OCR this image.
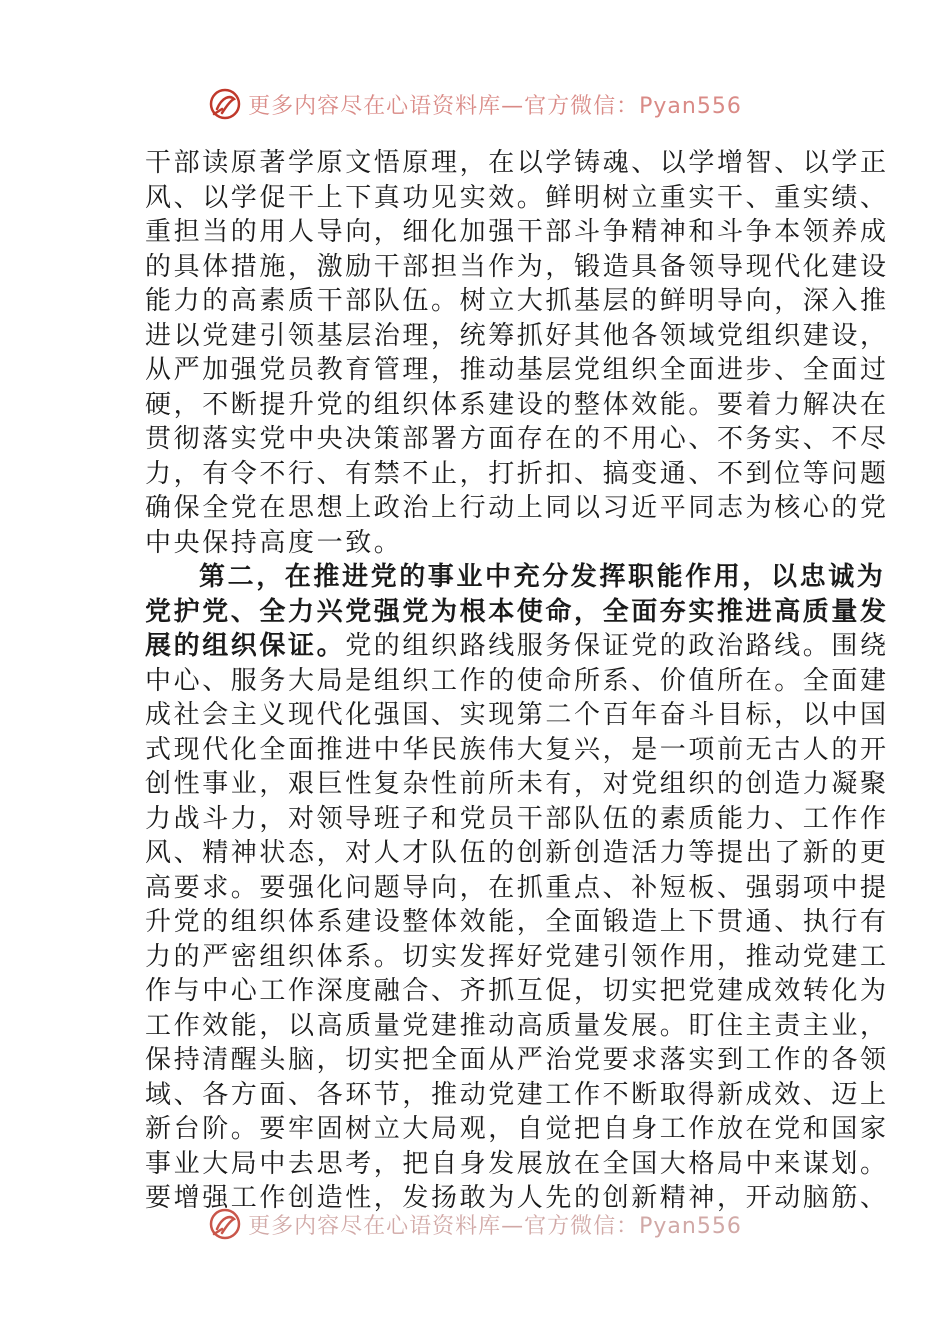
更多内容尽在心语资料库—官方微信：Pyan556
干部读原著学原文悟原理，在以学铸魂、以学增智、以学正
风、以学促干上下真功见实效。鲜明树立重实干、重实绩、
重担当的用人导向，细化加强干部斗争精神和斗争本领养成
的具体措施，激励干部担当作为，锻造具备领导现代化建设
能力的高素质干部队伍。树立大抓基层的鲜明导向，深入推
进以党建引领基层治理，统筹抓好其他各领域党组织建设，
从严加强党员教育管理，推动基层党组织全面进步、全面过
硬，不断提升党的组织体系建设的整体效能。要着力解决在
贯彻落实党中央决策部署方面存在的不用心、不务实、不尽
力，有令不行、有禁不止，打折扣、搞变通、不到位等问题
确保全党在思想上政治上行动上同以习近平同志为核心的党
中央保持高度一致。
第二，在推进党的事业中充分发挥职能作用，以忠诚为
党护党、全力兴党强党为根本使命，全面夯实推进高质量发
展的组织保证。党的组织路线服务保证党的政治路线。围绕
中心、服务大局是组织工作的使命所系、价值所在。全面建
成社会主义现代化强国、实现第二个百年奋斗目标，以中国
式现代化全面推进中华民族伟大复兴，是一项前无古人的开
创性事业，艰巨性复杂性前所未有，对党组织的创造力凝聚
力战斗力，对领导班子和党员干部队伍的素质能力、工作作
风、精神状态，对人才队伍的创新创造活力等提出了新的更
高要求。要强化问题导向，在抓重点、补短板、强弱项中提
升党的组织体系建设整体效能，全面锻造上下贯通、执行有
力的严密组织体系。切实发挥好党建引领作用，推动党建工
作与中心工作深度融合、齐抓互促，切实把党建成效转化为
工作效能，以高质量党建推动高质量发展。盯住主责主业，
保持清醒头脑，切实把全面从严治党要求落实到工作的各领
域、各方面、各环节，推动党建工作不断取得新成效、迈上
新台阶。要牢固树立大局观，自觉把自身工作放在党和国家
事业大局中去思考，把自身发展放在全国大格局中来谋划。
要增强工作创造性，发扬敢为人先的创新精神，开动脑筋、
更多内容尽在心语资料库—官方微信：Pyan556
